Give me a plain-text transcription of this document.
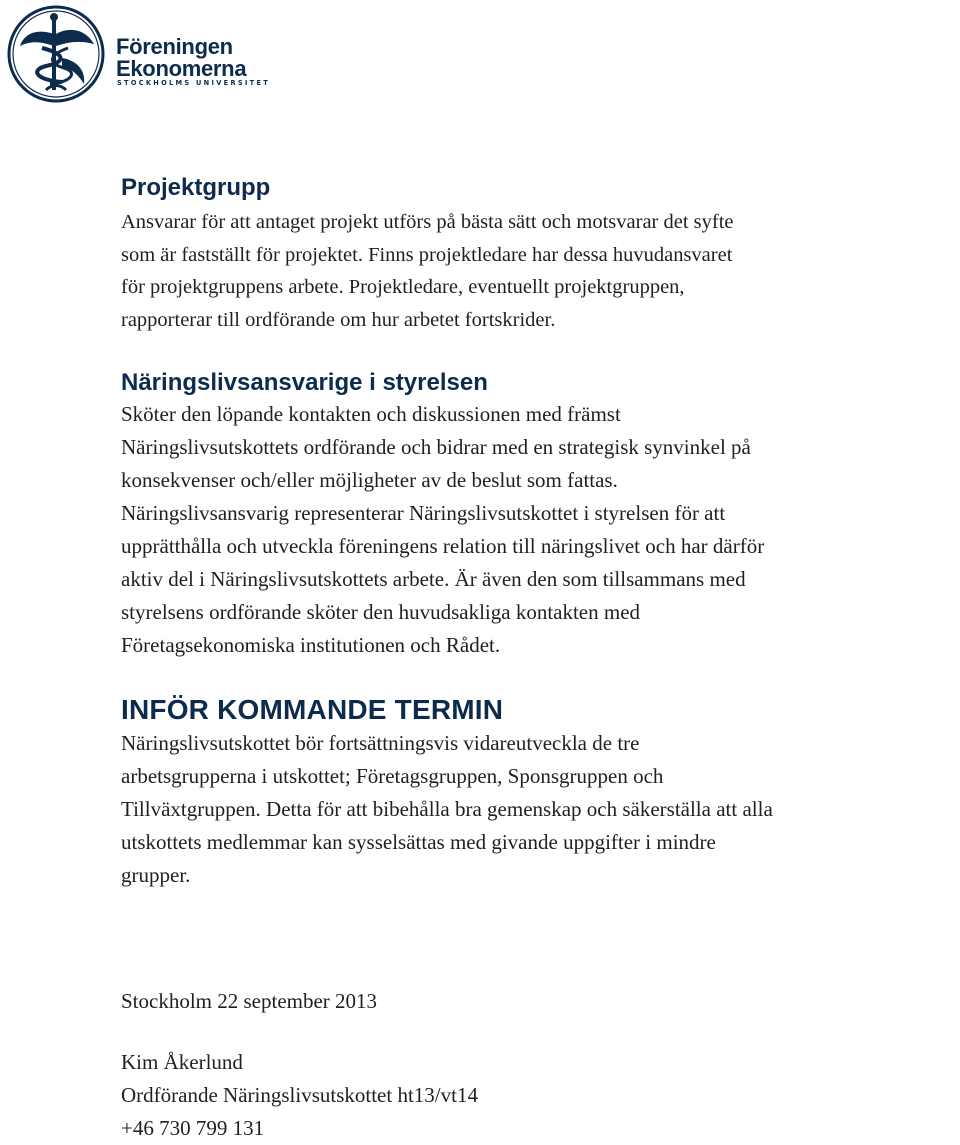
Föreningen
Ekonomerna
STOCKHOLMS UNIVERSITET
Projektgrupp

Ansvarar för att antaget projekt utförs på bästa sätt och motsvarar det syfte
som är fastställt för projektet. Finns projektledare har dessa huvudansvaret
för projektgruppens arbete. Projektledare, eventuellt projektgruppen,
rapporterar till ordförande om hur arbetet fortskrider.

Näringslivsansvarige i styrelsen

Sköter den löpande kontakten och diskussionen med främst
Näringslivsutskottets ordförande och bidrar med en strategisk synvinkel på
konsekvenser och/eller möjligheter av de beslut som fattas.
Näringslivsansvarig representerar Näringslivsutskottet i styrelsen för att
upprätthålla och utveckla föreningens relation till näringslivet och har därför
aktiv del i Näringslivsutskottets arbete. Är även den som tillsammans med
styrelsens ordförande sköter den huvudsakliga kontakten med
Företagsekonomiska institutionen och Rådet.

INFÖR KOMMANDE TERMIN

Näringslivsutskottet bör fortsättningsvis vidareutveckla de tre
arbetsgrupperna i utskottet; Företagsgruppen, Sponsgruppen och
Tillväxtgruppen. Detta för att bibehålla bra gemenskap och säkerställa att alla
utskottets medlemmar kan sysselsättas med givande uppgifter i mindre
grupper.

Stockholm 22 september 2013

Kim Åkerlund

Ordförande Näringslivsutskottet ht13/vt14

+46 730 799 131
